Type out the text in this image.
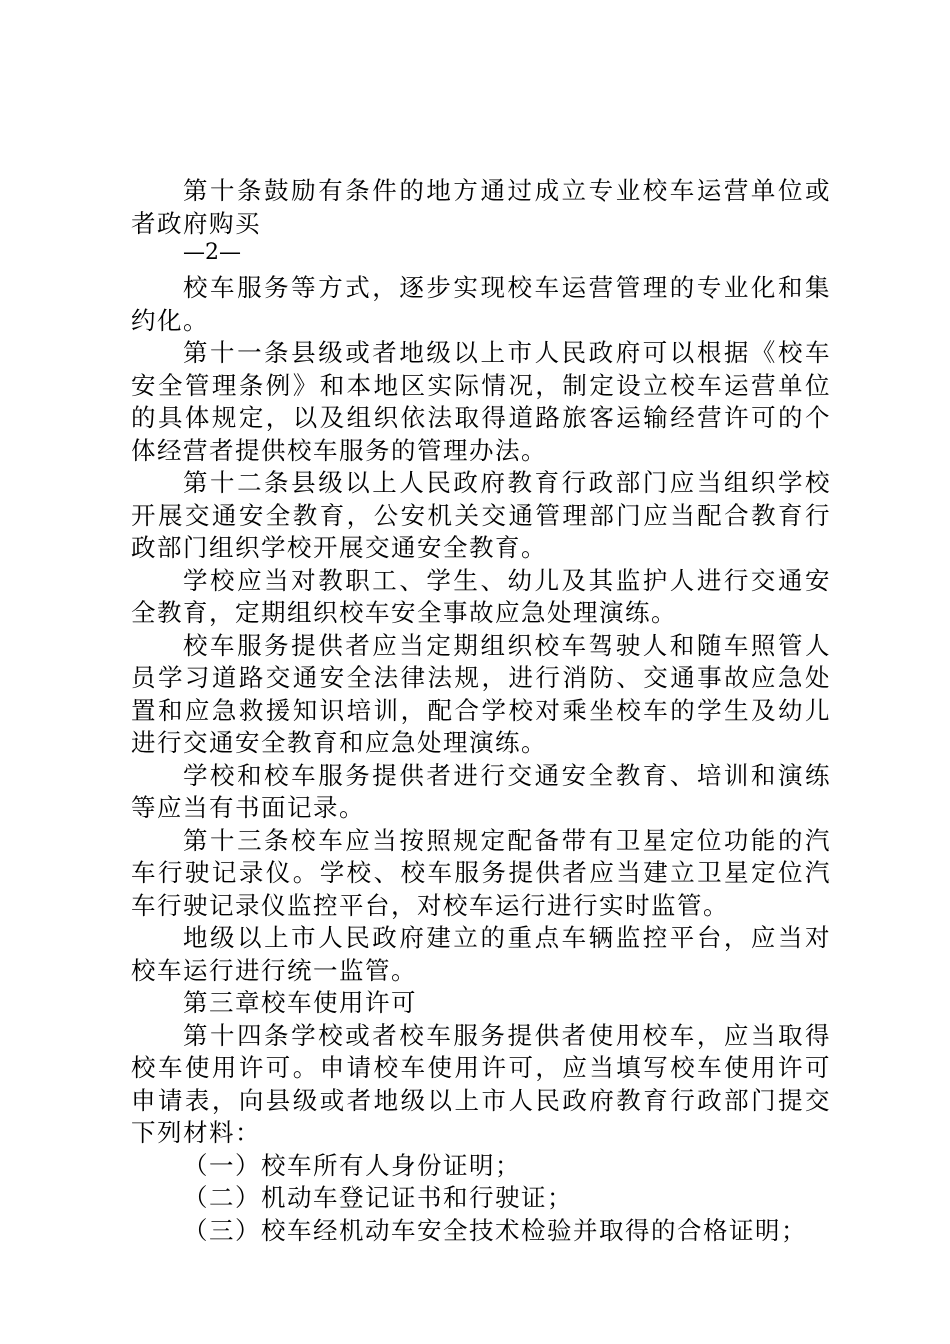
第十条鼓励有条件的地方通过成立专业校车运营单位或者政府购买

—2—

校车服务等方式，逐步实现校车运营管理的专业化和集约化。

第十一条县级或者地级以上市人民政府可以根据《校车安全管理条例》和本地区实际情况，制定设立校车运营单位的具体规定，以及组织依法取得道路旅客运输经营许可的个体经营者提供校车服务的管理办法。

第十二条县级以上人民政府教育行政部门应当组织学校开展交通安全教育，公安机关交通管理部门应当配合教育行政部门组织学校开展交通安全教育。

学校应当对教职工、学生、幼儿及其监护人进行交通安全教育，定期组织校车安全事故应急处理演练。

校车服务提供者应当定期组织校车驾驶人和随车照管人员学习道路交通安全法律法规，进行消防、交通事故应急处置和应急救援知识培训，配合学校对乘坐校车的学生及幼儿进行交通安全教育和应急处理演练。

学校和校车服务提供者进行交通安全教育、培训和演练等应当有书面记录。

第十三条校车应当按照规定配备带有卫星定位功能的汽车行驶记录仪。学校、校车服务提供者应当建立卫星定位汽车行驶记录仪监控平台，对校车运行进行实时监管。

地级以上市人民政府建立的重点车辆监控平台，应当对校车运行进行统一监管。

第三章校车使用许可

第十四条学校或者校车服务提供者使用校车，应当取得校车使用许可。申请校车使用许可，应当填写校车使用许可申请表，向县级或者地级以上市人民政府教育行政部门提交下列材料：

（一）校车所有人身份证明；

（二）机动车登记证书和行驶证；

（三）校车经机动车安全技术检验并取得的合格证明；
